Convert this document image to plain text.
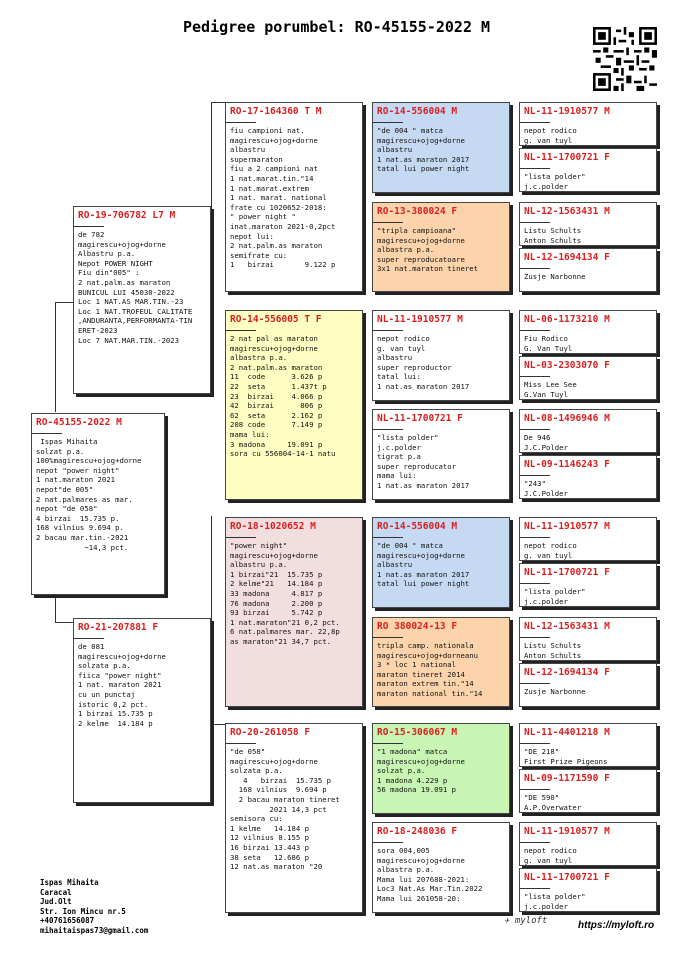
Pedigree porumbel: RO-45155-2022 M
RO-45155-2022 M
Ispas Mihaita
solzat p.a.
100%magirescu+ojog+dorne
nepot "power night"
1 nat.maraton 2021
nepot"de 005"
2 nat.palmares as mar.
nepot "de 058"
4 birzai  15.735 p.
168 vilnius 9.694 p.
2 bacau mar.tin.-2021
~14,3 pct.
RO-19-706782 L7 M
de 782
magirescu+ojog+dorne
Albastru p.a.
Nepot POWER NIGHT
Fiu din"005" :
2 nat.palm.as maraton
BUNICUL LUI 45030-2022
Loc 1 NAT.AS MAR.TIN.-23
Loc 1 NAT.TROFEUL CALITATE
,ANDURANTA,PERFORMANTA-TIN
ERET-2023
Loc 7 NAT.MAR.TIN.-2023
RO-21-207881 F
de 881
magirescu+ojog+dorne
solzata p.a.
fiica "power night"
1 nat. maraton 2021
cu un punctaj
istoric 0,2 pct.
1 birzai 15.735 p
2 kelme  14.184 p
RO-17-164360 T M
fiu campioni nat.
magirescu+ojog+dorne
albastru
supermaraton
fiu a 2 campioni nat
1 nat.marat.tin."14
1 nat.marat.extrem
1 nat. marat. national
frate cu 1020652-2018:
" power night "
inat.maraton 2021-0,2pct
nepot lui:
2 nat.palm.as maraton
semifrate cu:
1   birzai       9.122 p
RO-14-556005 T F
2 nat pal as maraton
magirescu+ojog+dorne
albastra p.a.
2 nat.palm.as maraton
11  code      3.626 p
22  seta      1.437t p
23  birzai    4.066 p
42  birzai      806 p
62  seta      2.162 p
208 code      7.149 p
mama lui:
3 madona     19.091 p
sora cu 556004-14-1 natu
RO-18-1020652 M
"power night"
magirescu+ojog+dorne
albastru p.a.
1 birzai"21  15.735 p
2 kelme"21   14.184 p
33 madona     4.817 p
76 madona     2.200 p
93 birzai     5.742 p
1 nat.maraton"21 0,2 pct.
6 nat.palmares mar. 22,8p
as maraton"21 34,7 pct.
RO-20-261058 F
"de 058"
magirescu+ojog+dorne
solzata p.a.
4   birzai  15.735 p
168 vilnius  9.694 p
2 bacau maraton tineret
2021 14,3 pct
semisora cu:
1 kelme   14.184 p
12 vilnius 8.155 p
16 birzai 13.443 p
38 seta   12.686 p
12 nat.as maraton "20
RO-14-556004 M
"de 004 " matca
magirescu+ojog+dorne
albastru
1 nat.as maraton 2017
tatal lui power night
RO-13-380024 F
"tripla campioana"
magirescu+ojog+dorne
albastra p.a.
super reproducatoare
3x1 nat.maraton tineret
NL-11-1910577 M
nepot rodico
g. van tuyl
albastru
super reproductor
tatal lui:
1 nat.as maraton 2017
NL-11-1700721 F
"lista polder"
j.c.polder
tigrat p.a
super reproducator
mama lui:
1 nat.as maraton 2017
RO-14-556004 M
"de 004 " matca
magirescu+ojog+dorne
albastru
1 nat.as maraton 2017
tatal lui power night
RO 380024-13 F
tripla camp. nationala
magirescu+ojog+dorneanu
3 * loc 1 national
maraton tineret 2014
maraton extrem tin."14
maraton national tin."14
RO-15-306067 M
"1 madona" matca
magirescu+ojog+dorne
solzat p.a.
1 madona 4.229 p
56 madona 19.091 p
RO-18-248036 F
sora 004,005
magirescu+ojog+dorne
albastra p.a.
Mama lui 207688-2021:
Loc3 Nat.As Mar.Tin.2022
Mama lui 261058-20:
NL-11-1910577 M
nepot rodico
g. van tuyl
NL-11-1700721 F
"lista polder"
j.c.polder
NL-12-1563431 M
Listu Schults
Anton Schults
NL-12-1694134 F
Zusje Narbonne
NL-06-1173210 M
Fiu Rodico
G. Van Tuyl
NL-03-2303070 F
Miss Lee See
G.Van Tuyl
NL-08-1496946 M
De 946
J.C.Polder
NL-09-1146243 F
"243"
J.C.Polder
NL-11-1910577 M
nepot rodico
g. van tuyl
NL-11-1700721 F
"lista polder"
j.c.polder
NL-12-1563431 M
Listu Schults
Anton Schults
NL-12-1694134 F
Zusje Narbonne
NL-11-4401218 M
"DE 218"
First Prize Pigeons
NL-09-1171590 F
"DE 590"
A.P.Overwater
NL-11-1910577 M
nepot rodico
g. van tuyl
NL-11-1700721 F
"lista polder"
j.c.polder
Ispas Mihaita
Caracal
Jud.Olt
Str. Ion Mincu nr.5
+40761656087
mihaitaispas73@gmail.com
✈ myloft	https://myloft.ro
